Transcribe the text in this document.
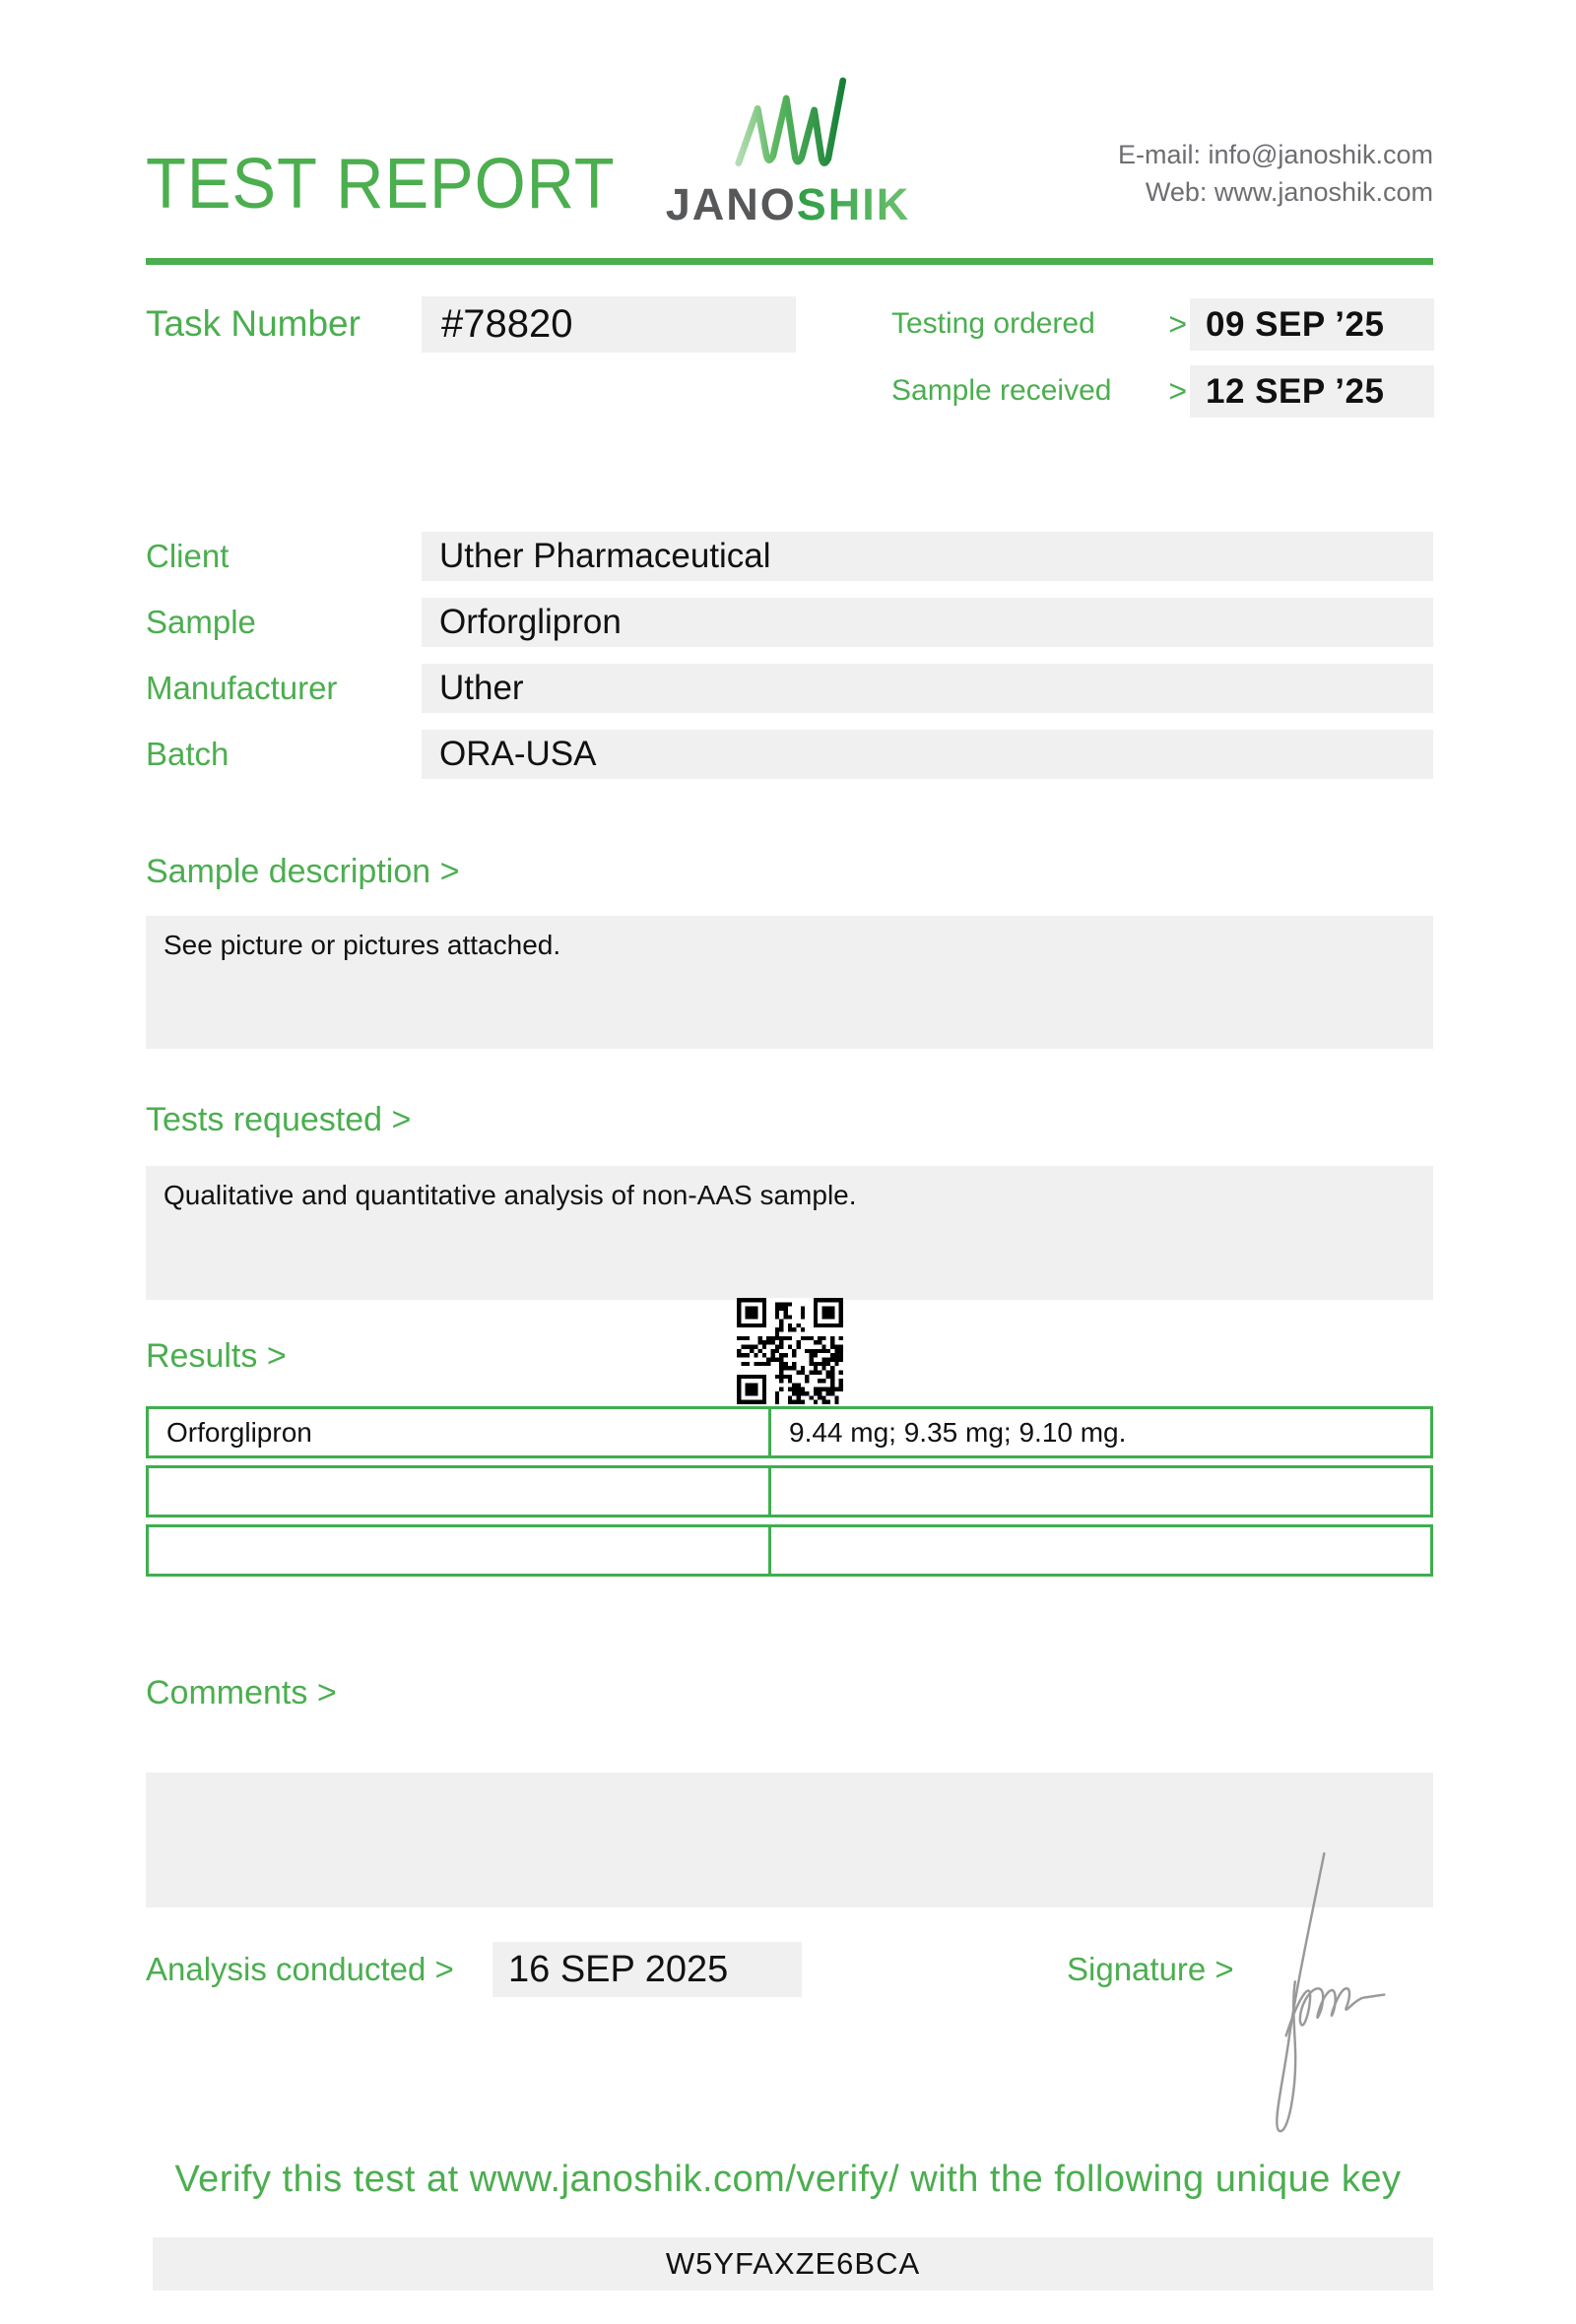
TEST REPORT	JANOSHIK
E-mail: info@janoshik.com
Web: www.janoshik.com
Task Number	#78820	Testing ordered > 09 SEP ’25
Sample received > 12 SEP ’25
Client	Uther Pharmaceutical
Sample	Orforglipron
Manufacturer	Uther
Batch	ORA-USA
Sample description >
See picture or pictures attached.
Tests requested >
Qualitative and quantitative analysis of non-AAS sample.
Results >
Orforglipron	9.44 mg; 9.35 mg; 9.10 mg.
Comments >
Analysis conducted >	16 SEP 2025	Signature >
Verify this test at www.janoshik.com/verify/ with the following unique key
W5YFAXZE6BCA
